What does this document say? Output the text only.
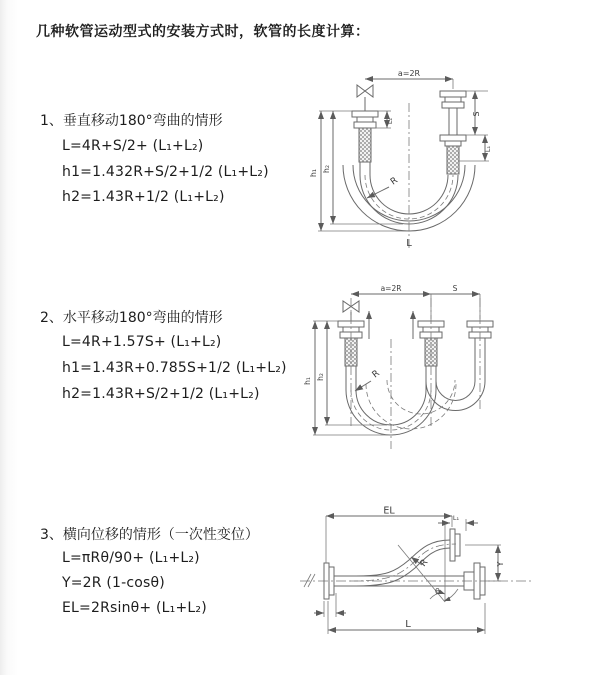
几种软管运动型式的安装方式时，软管的长度计算：
1、垂直移动180°弯曲的情形
L=4R+S/2+ (L₁+L₂)
h1=1.432R+S/2+1/2 (L₁+L₂)
h2=1.43R+1/2 (L₁+L₂)
2、水平移动180°弯曲的情形
L=4R+1.57S+ (L₁+L₂)
h1=1.43R+0.785S+1/2 (L₁+L₂)
h2=1.43R+S/2+1/2 (L₁+L₂)
3、横向位移的情形（一次性变位）
L=πRθ/90+ (L₁+L₂)
Y=2R (1-cosθ)
EL=2Rsinθ+ (L₁+L₂)
a=2R
h₁ h₂
L₁
S
L₁
R
L
a=2R	S
h₁
h₂	R
EL
L₁
Y
θ
R
L
